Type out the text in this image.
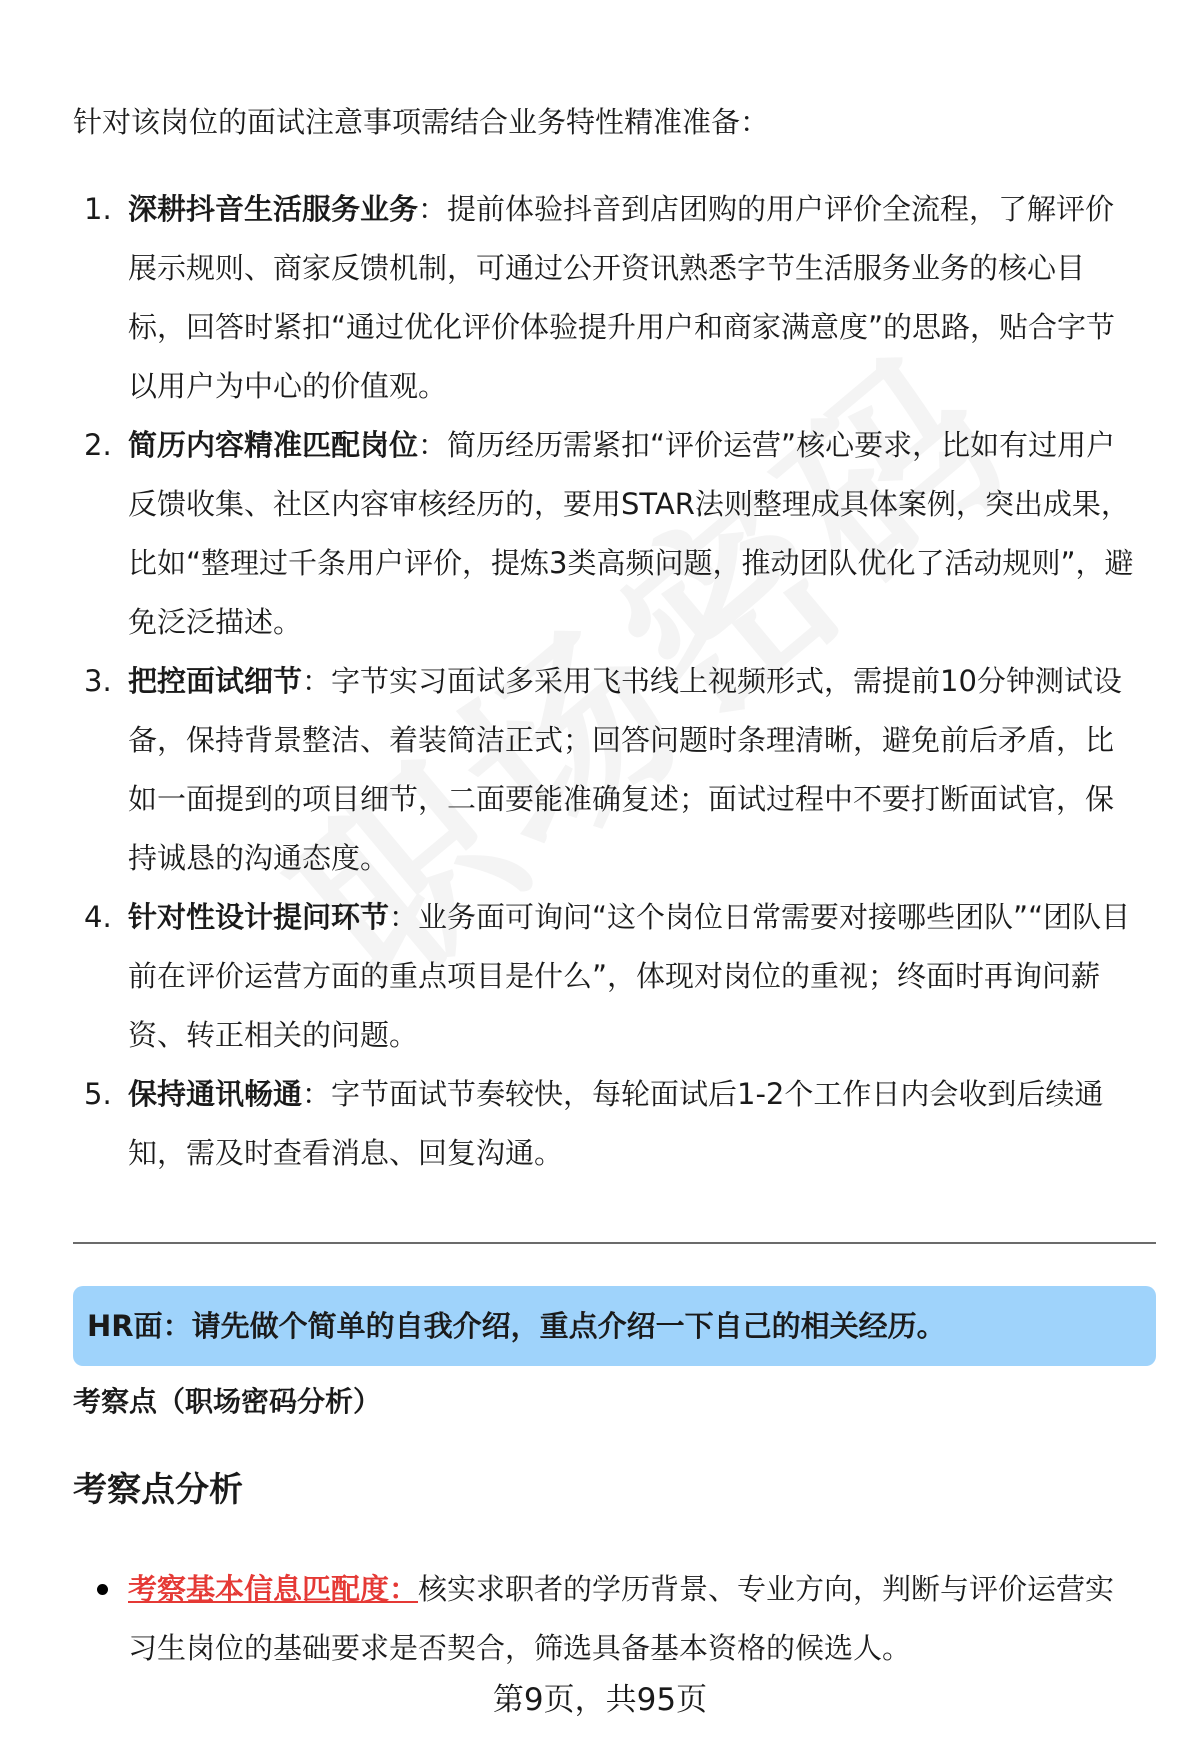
针对该岗位的面试注意事项需结合业务特性精准准备：

1. 深耕抖音生活服务业务：提前体验抖音到店团购的用户评价全流程，了解评价展示规则、商家反馈机制，可通过公开资讯熟悉字节生活服务业务的核心目标，回答时紧扣“通过优化评价体验提升用户和商家满意度”的思路，贴合字节以用户为中心的价值观。
2. 简历内容精准匹配岗位：简历经历需紧扣“评价运营”核心要求，比如有过用户反馈收集、社区内容审核经历的，要用STAR法则整理成具体案例，突出成果，比如“整理过千条用户评价，提炼3类高频问题，推动团队优化了活动规则”，避免泛泛描述。
3. 把控面试细节：字节实习面试多采用飞书线上视频形式，需提前10分钟测试设备，保持背景整洁、着装简洁正式；回答问题时条理清晰，避免前后矛盾，比如一面提到的项目细节，二面要能准确复述；面试过程中不要打断面试官，保持诚恳的沟通态度。
4. 针对性设计提问环节：业务面可询问“这个岗位日常需要对接哪些团队”“团队目前在评价运营方面的重点项目是什么”，体现对岗位的重视；终面时再询问薪资、转正相关的问题。
5. 保持通讯畅通：字节面试节奏较快，每轮面试后1-2个工作日内会收到后续通知，需及时查看消息、回复沟通。
HR面：请先做个简单的自我介绍，重点介绍一下自己的相关经历。
考察点（职场密码分析）
考察点分析
考察基本信息匹配度：核实求职者的学历背景、专业方向，判断与评价运营实习生岗位的基础要求是否契合，筛选具备基本资格的候选人。
第9页，共95页
